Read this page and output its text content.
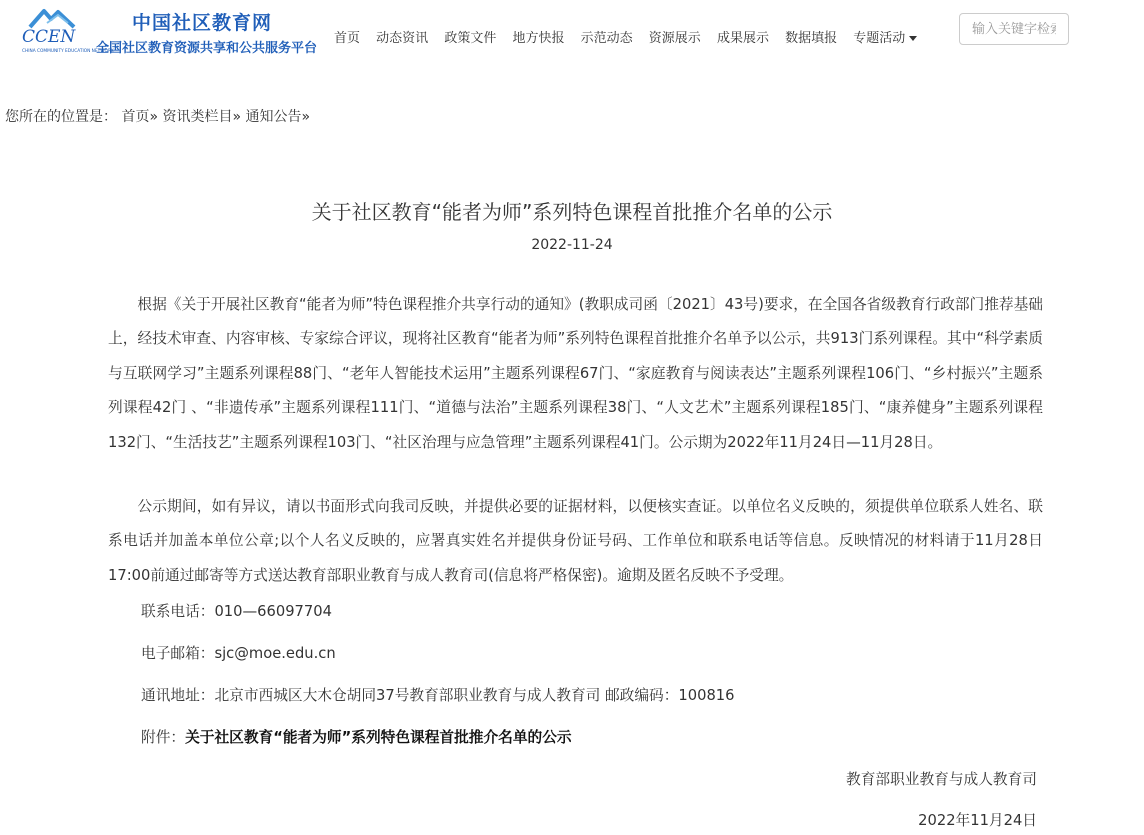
CCEN
CHINA COMMUNITY EDUCATION NETWORK
中国社区教育网
全国社区教育资源共享和公共服务平台
首页 动态资讯 政策文件 地方快报 示范动态 资源展示 成果展示 数据填报 专题活动
输入关键字检索
您所在的位置是： 首页» 资讯类栏目» 通知公告»
关于社区教育“能者为师”系列特色课程首批推介名单的公示
2022-11-24

根据《关于开展社区教育“能者为师”特色课程推介共享行动的通知》(教职成司函〔2021〕43号)要求，在全国各省级教育行政部门推荐基础上，经技术审查、内容审核、专家综合评议，现将社区教育“能者为师”系列特色课程首批推介名单予以公示，共913门系列课程。其中“科学素质与互联网学习”主题系列课程88门、“老年人智能技术运用”主题系列课程67门、“家庭教育与阅读表达”主题系列课程106门、“乡村振兴”主题系列课程42门 、“非遗传承”主题系列课程111门、“道德与法治”主题系列课程38门、“人文艺术”主题系列课程185门、“康养健身”主题系列课程132门、“生活技艺”主题系列课程103门、“社区治理与应急管理”主题系列课程41门。公示期为2022年11月24日—11月28日。

公示期间，如有异议，请以书面形式向我司反映，并提供必要的证据材料，以便核实查证。以单位名义反映的，须提供单位联系人姓名、联系电话并加盖本单位公章;以个人名义反映的，应署真实姓名并提供身份证号码、工作单位和联系电话等信息。反映情况的材料请于11月28日17:00前通过邮寄等方式送达教育部职业教育与成人教育司(信息将严格保密)。逾期及匿名反映不予受理。

联系电话：010—66097704
电子邮箱：sjc@moe.edu.cn
通讯地址：北京市西城区大木仓胡同37号教育部职业教育与成人教育司 邮政编码：100816
附件：关于社区教育“能者为师”系列特色课程首批推介名单的公示
教育部职业教育与成人教育司
2022年11月24日
